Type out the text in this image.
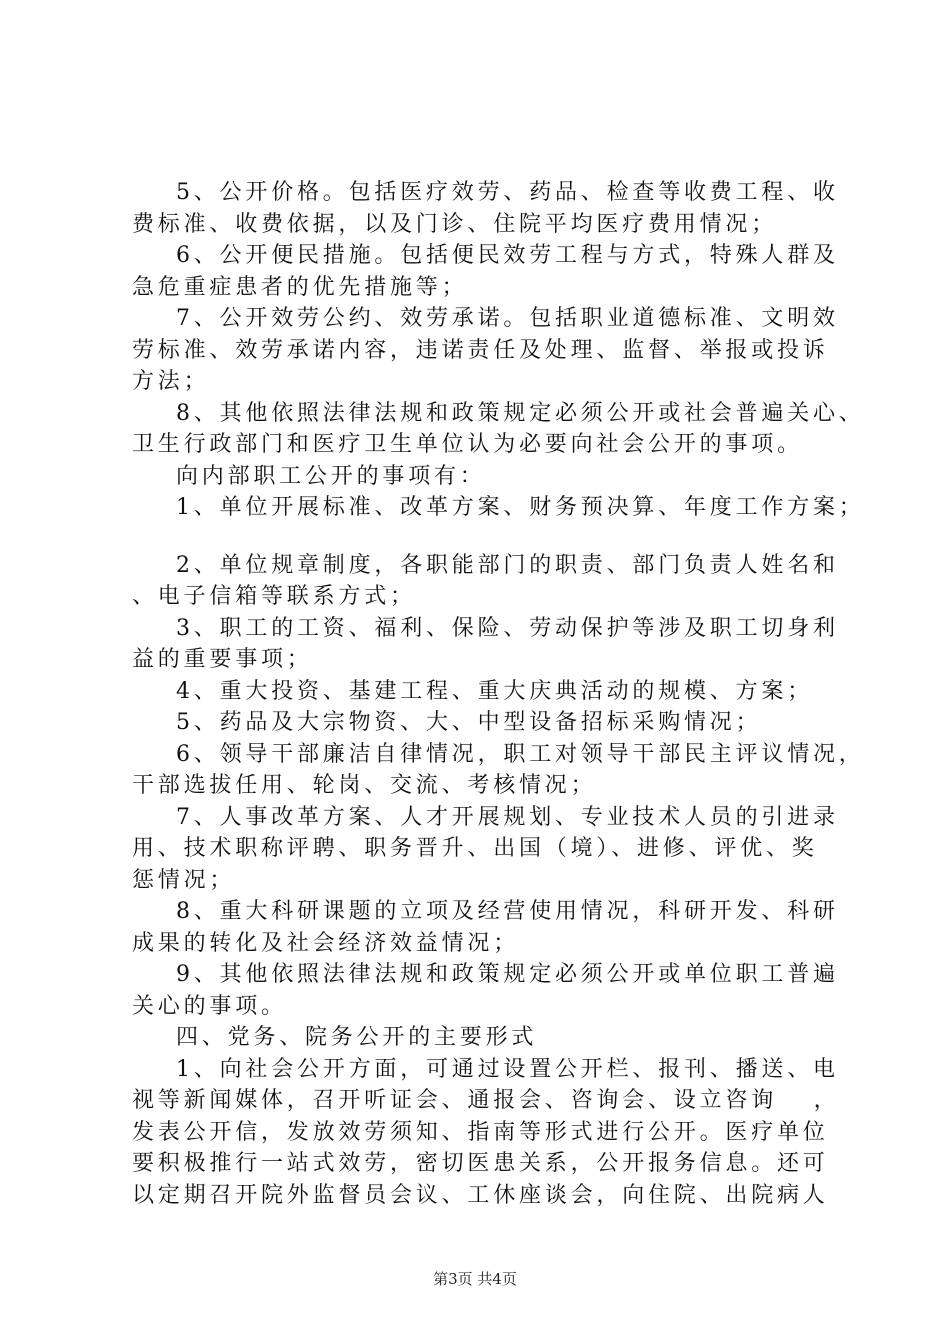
5、公开价格。包括医疗效劳、药品、检查等收费工程、收
费标准、收费依据，以及门诊、住院平均医疗费用情况；
6、公开便民措施。包括便民效劳工程与方式，特殊人群及
急危重症患者的优先措施等；
7、公开效劳公约、效劳承诺。包括职业道德标准、文明效
劳标准、效劳承诺内容，违诺责任及处理、监督、举报或投诉
方法；
8、其他依照法律法规和政策规定必须公开或社会普遍关心、
卫生行政部门和医疗卫生单位认为必要向社会公开的事项。
向内部职工公开的事项有：
1、单位开展标准、改革方案、财务预决算、年度工作方案；
2、单位规章制度，各职能部门的职责、部门负责人姓名和
、电子信箱等联系方式；
3、职工的工资、福利、保险、劳动保护等涉及职工切身利
益的重要事项；
4、重大投资、基建工程、重大庆典活动的规模、方案；
5、药品及大宗物资、大、中型设备招标采购情况；
6、领导干部廉洁自律情况，职工对领导干部民主评议情况，
干部选拔任用、轮岗、交流、考核情况；
7、人事改革方案、人才开展规划、专业技术人员的引进录
用、技术职称评聘、职务晋升、出国（境）、进修、评优、奖
惩情况；
8、重大科研课题的立项及经营使用情况，科研开发、科研
成果的转化及社会经济效益情况；
9、其他依照法律法规和政策规定必须公开或单位职工普遍
关心的事项。
四、党务、院务公开的主要形式
1、向社会公开方面，可通过设置公开栏、报刊、播送、电
视等新闻媒体，召开听证会、通报会、咨询会、设立咨询　 ，
发表公开信，发放效劳须知、指南等形式进行公开。医疗单位
要积极推行一站式效劳，密切医患关系，公开报务信息。还可
以定期召开院外监督员会议、工休座谈会，向住院、出院病人
第3页 共4页
